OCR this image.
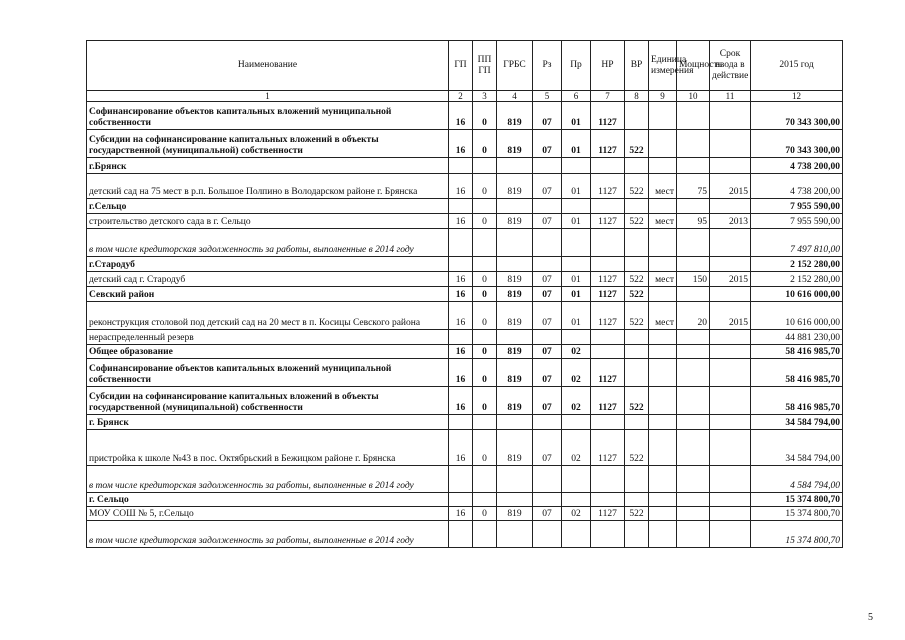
Наименование	ГП	ПП ГП	ГРБС	Рз	Пр	НР	ВР	Единица измерения	Мощность	Срок ввода в действие	2015 год
1	2	3	4	5	6	7	8	9	10	11	12
Софинансирование объектов капитальных вложений муниципальной собственности	16	0	819	07	01	1127					70 343 300,00
Субсидии на софинансирование капитальных вложений в объекты государственной (муниципальной) собственности	16	0	819	07	01	1127	522				70 343 300,00
г.Брянск											4 738 200,00
детский сад на 75 мест в р.п. Большое Полпино в Володарском районе г. Брянска	16	0	819	07	01	1127	522	мест	75	2015	4 738 200,00
г.Сельцо											7 955 590,00
строительство детского сада в г. Сельцо	16	0	819	07	01	1127	522	мест	95	2013	7 955 590,00
в том числе кредиторская задолженность за работы, выполненные в 2014 году											7 497 810,00
г.Стародуб											2 152 280,00
детский сад г. Стародуб	16	0	819	07	01	1127	522	мест	150	2015	2 152 280,00
Севский район	16	0	819	07	01	1127	522				10 616 000,00
реконструкция столовой под детский сад на 20 мест в п. Косицы Севского района	16	0	819	07	01	1127	522	мест	20	2015	10 616 000,00
нераспределенный резерв											44 881 230,00
Общее образование	16	0	819	07	02						58 416 985,70
Софинансирование объектов капитальных вложений муниципальной собственности	16	0	819	07	02	1127					58 416 985,70
Субсидии на софинансирование капитальных вложений в объекты государственной (муниципальной) собственности	16	0	819	07	02	1127	522				58 416 985,70
г. Брянск											34 584 794,00
пристройка к школе №43 в пос. Октябрьский в Бежицком районе г. Брянска	16	0	819	07	02	1127	522				34 584 794,00
в том числе кредиторская задолженность за работы, выполненные в 2014 году											4 584 794,00
г. Сельцо											15 374 800,70
МОУ СОШ № 5, г.Сельцо	16	0	819	07	02	1127	522				15 374 800,70
в том числе кредиторская задолженность за работы, выполненные в 2014 году											15 374 800,70
5
